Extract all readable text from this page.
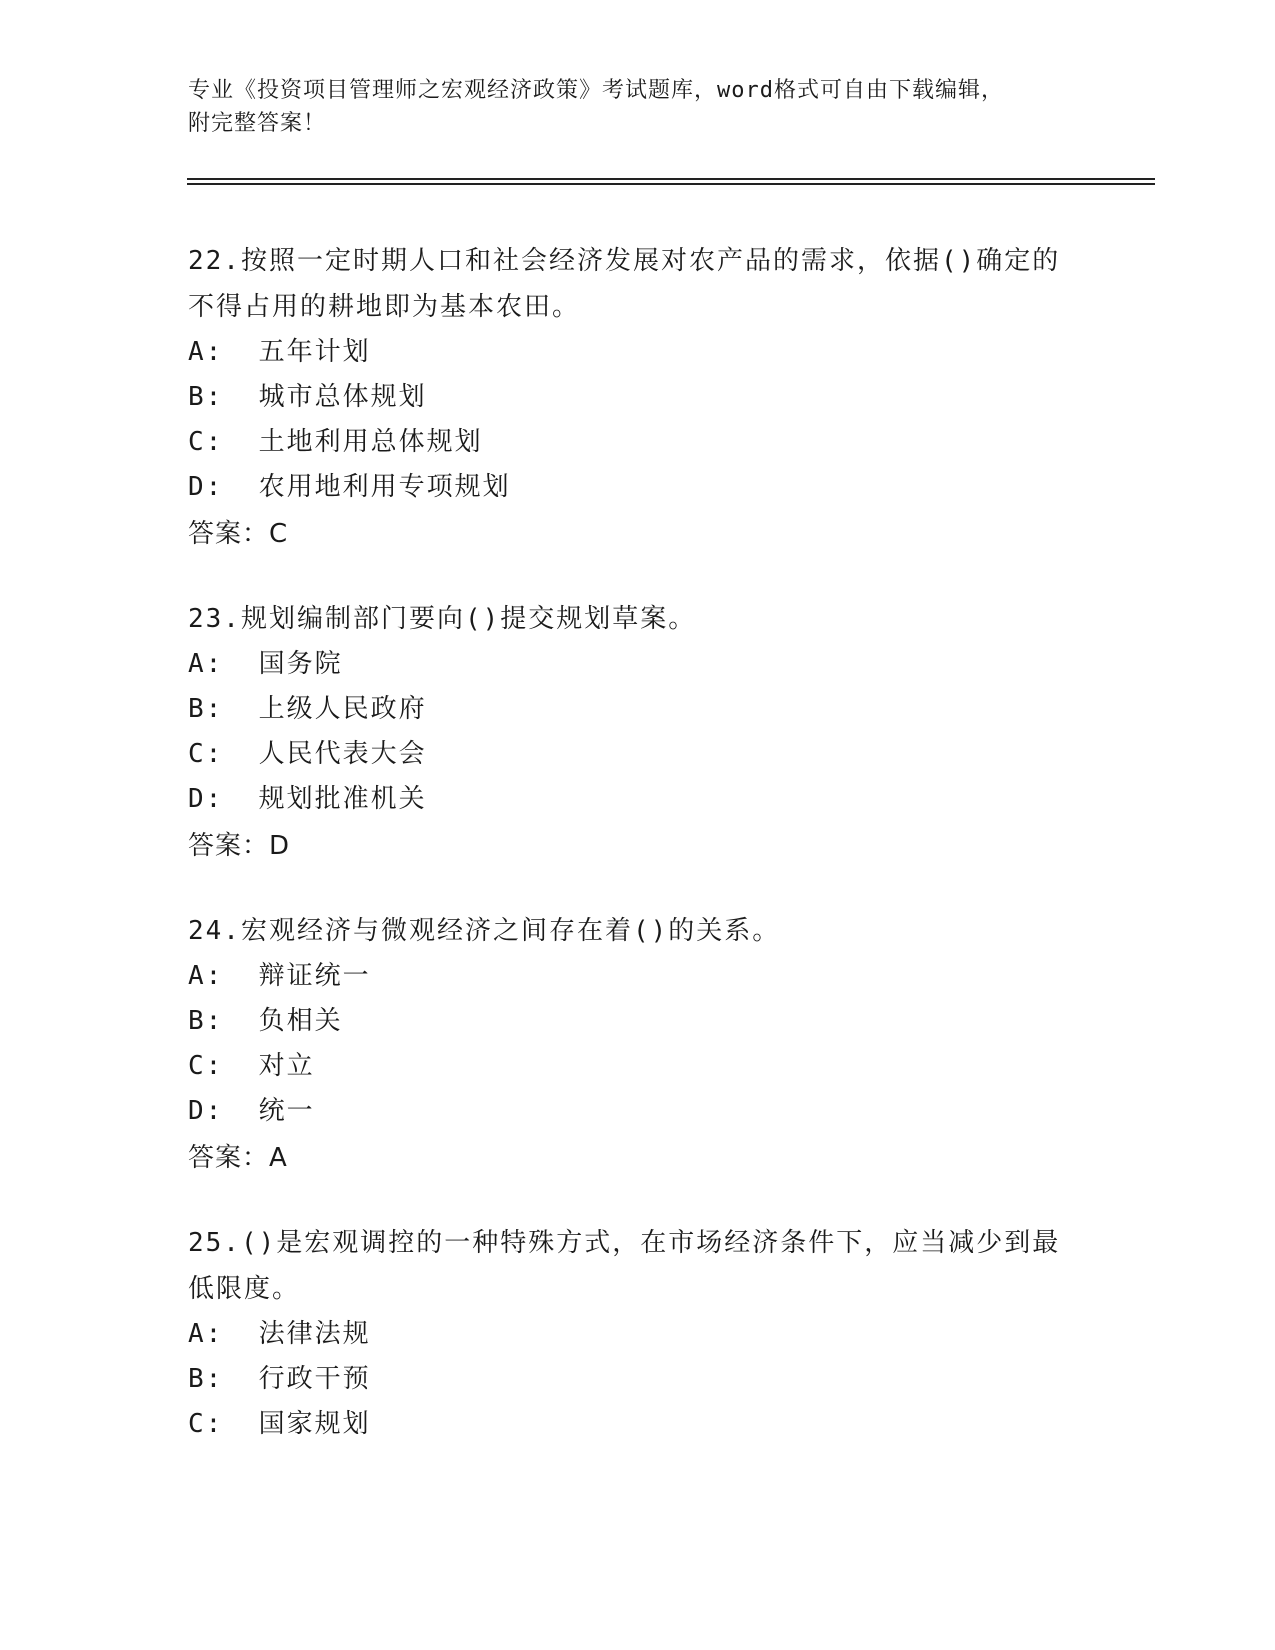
专业《投资项目管理师之宏观经济政策》考试题库，word格式可自由下载编辑，
附完整答案！
22.按照一定时期人口和社会经济发展对农产品的需求，依据()确定的
不得占用的耕地即为基本农田。
A:  五年计划
B:  城市总体规划
C:  土地利用总体规划
D:  农用地利用专项规划
答案：C
23.规划编制部门要向()提交规划草案。
A:  国务院
B:  上级人民政府
C:  人民代表大会
D:  规划批准机关
答案：D
24.宏观经济与微观经济之间存在着()的关系。
A:  辩证统一
B:  负相关
C:  对立
D:  统一
答案：A
25.()是宏观调控的一种特殊方式，在市场经济条件下，应当减少到最
低限度。
A:  法律法规
B:  行政干预
C:  国家规划
